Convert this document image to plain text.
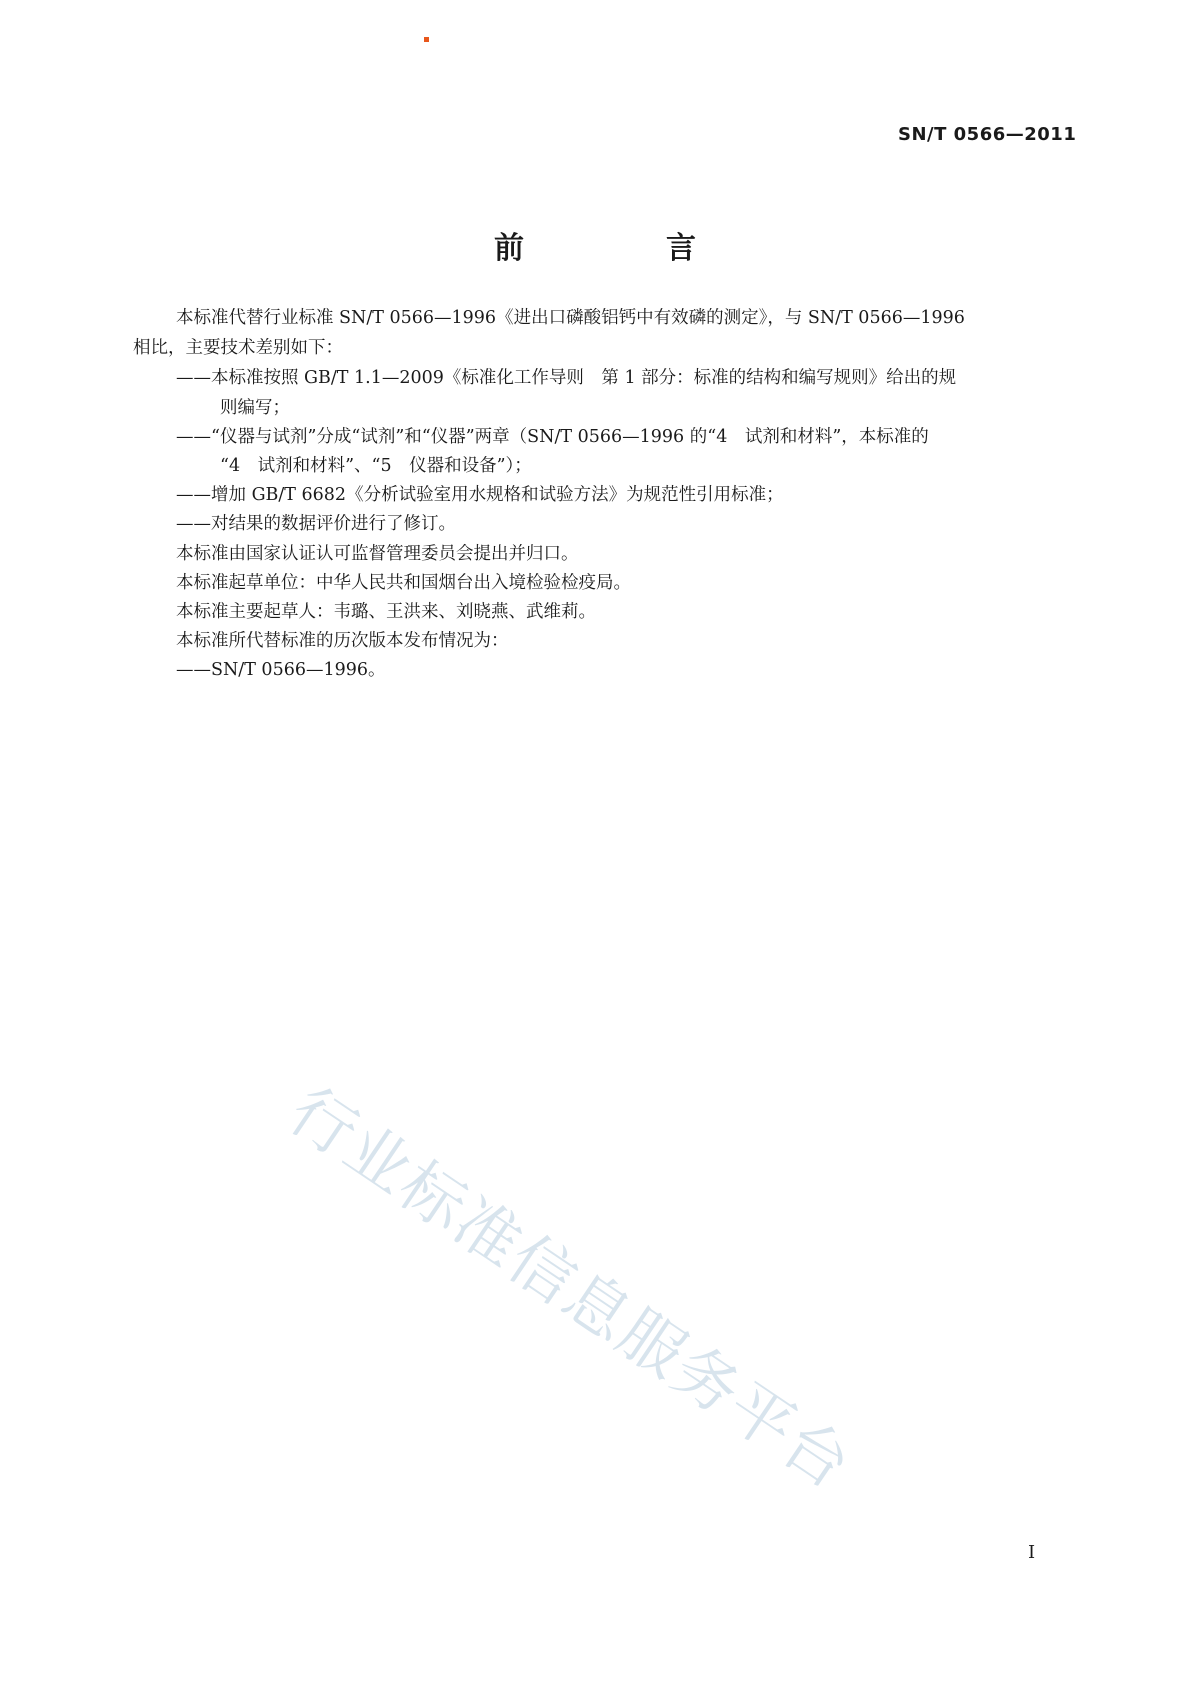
SN/T 0566—2011
前　言
本标准代替行业标准 SN/T 0566—1996《进出口磷酸铝钙中有效磷的测定》，与 SN/T 0566—1996
相比，主要技术差别如下：
——本标准按照 GB/T 1.1—2009《标准化工作导则　第 1 部分：标准的结构和编写规则》给出的规
则编写；
——“仪器与试剂”分成“试剂”和“仪器”两章（SN/T 0566—1996 的“4　试剂和材料”，本标准的
“4　试剂和材料”、“5　仪器和设备”）；
——增加 GB/T 6682《分析试验室用水规格和试验方法》为规范性引用标准；
——对结果的数据评价进行了修订。
本标准由国家认证认可监督管理委员会提出并归口。
本标准起草单位：中华人民共和国烟台出入境检验检疫局。
本标准主要起草人：韦璐、王洪来、刘晓燕、武维莉。
本标准所代替标准的历次版本发布情况为：
——SN/T 0566—1996。
行业标准信息服务平台
I
